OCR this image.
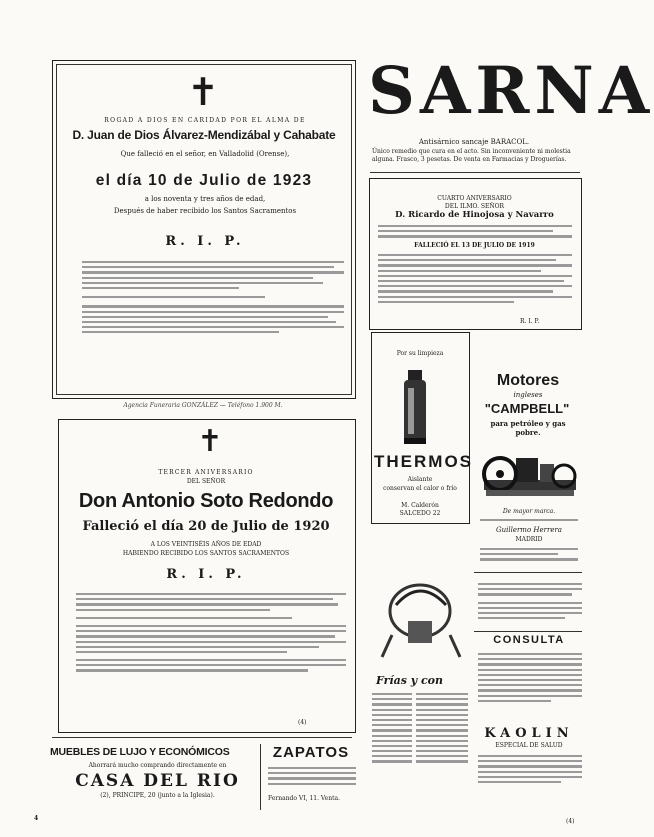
✝
ROGAD A DIOS EN CARIDAD POR EL ALMA DE
D. Juan de Dios Álvarez-Mendizábal y Cahabate
Que falleció en el señor, en Valladolid (Orense),
el día 10 de Julio de 1923
a los noventa y tres años de edad,
Después de haber recibido los Santos Sacramentos
R. I. P.
Agencia Funeraria GONZÁLEZ — Teléfono 1.900 M.
✝
TERCER ANIVERSARIO
DEL SEÑOR
Don Antonio Soto Redondo
Falleció el día 20 de Julio de 1920
A LOS VEINTISÉIS AÑOS DE EDAD
HABIENDO RECIBIDO LOS SANTOS SACRAMENTOS
R. I. P.
(4)
SARNA
Antisárnico sancaje BARACOL.
Único remedio que cura en el acto. Sin inconveniente ni molestia alguna. Frasco, 3 pesetas. De venta en Farmacias y Droguerías.
CUARTO ANIVERSARIO
DEL ILMO. SEÑOR
D. Ricardo de Hinojosa y Navarro
FALLECIÓ EL 13 DE JULIO DE 1919
R. I. P.
Por su limpieza
THERMOS
Aislante
conservan el calor o frío
M. Calderón
SALCEDO 22
Motores
ingleses
"CAMPBELL"
para petróleo y gas pobre.
De mayor marca.
Guillermo Herrera
MADRID
Frías y con
CONSULTA
KAOLIN
ESPECIAL DE SALUD
MUEBLES DE LUJO Y ECONÓMICOS
Ahorrará mucho comprando directamente en
CASA DEL RIO
(2), PRINCIPE, 20 (junto a la Iglesia).
ZAPATOS
Fernando VI, 11. Venta.
4	(4)
